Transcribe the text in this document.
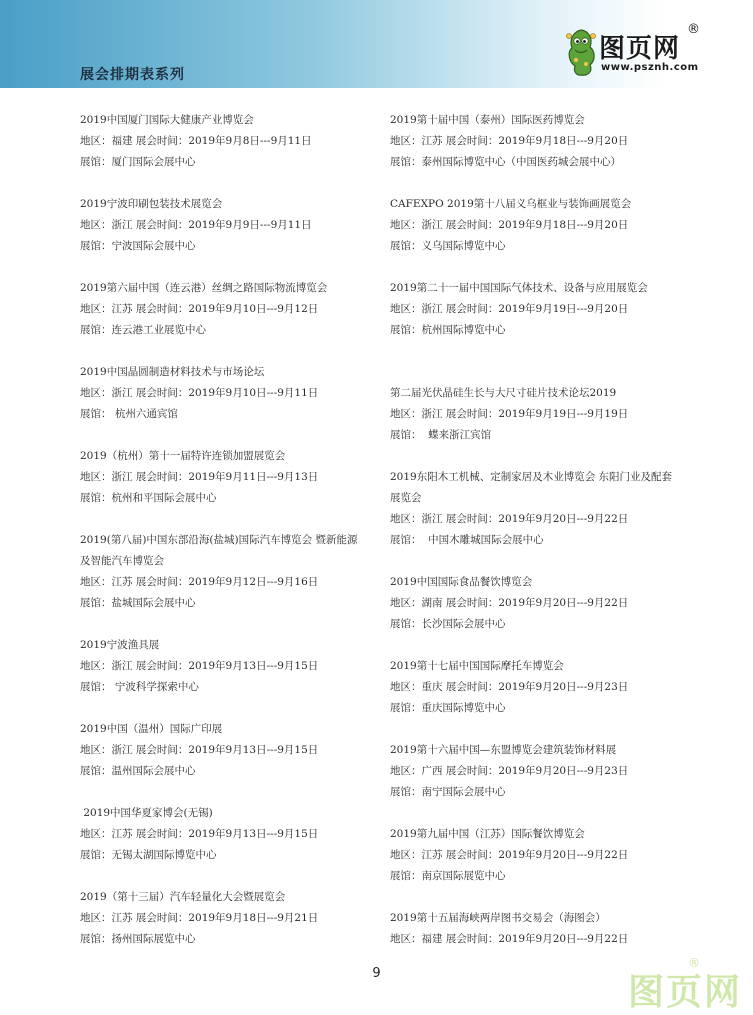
展会排期表系列
图页网
®
www.psznh.com
2019中国厦门国际大健康产业博览会
地区：福建 展会时间：2019年9月8日---9月11日
展馆：厦门国际会展中心
2019宁波印刷包装技术展览会
地区：浙江 展会时间：2019年9月9日---9月11日
展馆：宁波国际会展中心
2019第六届中国（连云港）丝绸之路国际物流博览会
地区：江苏 展会时间：2019年9月10日---9月12日
展馆：连云港工业展览中心
2019中国晶圆制造材料技术与市场论坛
地区：浙江 展会时间：2019年9月10日---9月11日
展馆： 杭州六通宾馆
2019（杭州）第十一届特许连锁加盟展览会
地区：浙江 展会时间：2019年9月11日---9月13日
展馆：杭州和平国际会展中心
2019(第八届)中国东部沿海(盐城)国际汽车博览会 暨新能源及智能汽车博览会
地区：江苏 展会时间：2019年9月12日---9月16日
展馆：盐城国际会展中心
2019宁波渔具展
地区：浙江 展会时间：2019年9月13日---9月15日
展馆： 宁波科学探索中心
2019中国（温州）国际广印展
地区：浙江 展会时间：2019年9月13日---9月15日
展馆：温州国际会展中心
2019中国华夏家博会(无锡)
地区：江苏 展会时间：2019年9月13日---9月15日
展馆：无锡太湖国际博览中心
2019（第十三届）汽车轻量化大会暨展览会
地区：江苏 展会时间：2019年9月18日---9月21日
展馆：扬州国际展览中心
2019第十届中国（泰州）国际医药博览会
地区：江苏 展会时间：2019年9月18日---9月20日
展馆：泰州国际博览中心（中国医药城会展中心）
CAFEXPO 2019第十八届义乌框业与装饰画展览会
地区：浙江 展会时间：2019年9月18日---9月20日
展馆：义乌国际博览中心
2019第二十一届中国国际气体技术、设备与应用展览会
地区：浙江 展会时间：2019年9月19日---9月20日
展馆：杭州国际博览中心
第二届光伏晶硅生长与大尺寸硅片技术论坛2019
地区：浙江 展会时间：2019年9月19日---9月19日
展馆：  蝶来浙江宾馆
2019东阳木工机械、定制家居及木业博览会 东阳门业及配套展览会
地区：浙江 展会时间：2019年9月20日---9月22日
展馆：  中国木雕城国际会展中心
2019中国国际食品餐饮博览会
地区：湖南 展会时间：2019年9月20日---9月22日
展馆：长沙国际会展中心
2019第十七届中国国际摩托车博览会
地区：重庆 展会时间：2019年9月20日---9月23日
展馆：重庆国际博览中心
2019第十六届中国—东盟博览会建筑装饰材料展
地区：广西 展会时间：2019年9月20日---9月23日
展馆：南宁国际会展中心
2019第九届中国（江苏）国际餐饮博览会
地区：江苏 展会时间：2019年9月20日---9月22日
展馆：南京国际展览中心
2019第十五届海峡两岸图书交易会（海图会）
地区：福建 展会时间：2019年9月20日---9月22日
9	图页网
®
